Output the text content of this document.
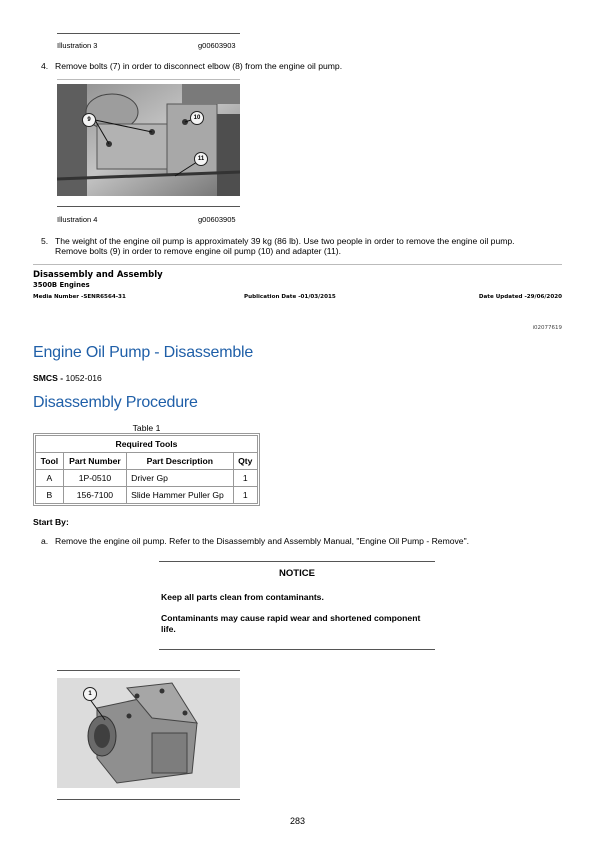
Illustration 3	g00603903
4. Remove bolts (7) in order to disconnect elbow (8) from the engine oil pump.
9	10
11
Illustration 4	g00603905
5. The weight of the engine oil pump is approximately 39 kg (86 lb). Use two people in order to remove the engine oil pump.
Remove bolts (9) in order to remove engine oil pump (10) and adapter (11).
Disassembly and Assembly
3500B Engines
Media Number -SENR6564-31	Publication Date -01/03/2015	Date Updated -29/06/2020
i02077619
Engine Oil Pump - Disassemble
SMCS - 1052-016
Disassembly Procedure
Table 1
Required Tools			
Tool	Part Number	Part Description	Qty
A	1P-0510	Driver Gp	1
B	156-7100	Slide Hammer Puller Gp	1
Start By:
a. Remove the engine oil pump. Refer to the Disassembly and Assembly Manual, "Engine Oil Pump - Remove".
NOTICE
Keep all parts clean from contaminants.
Contaminants may cause rapid wear and shortened component life.
1
283
